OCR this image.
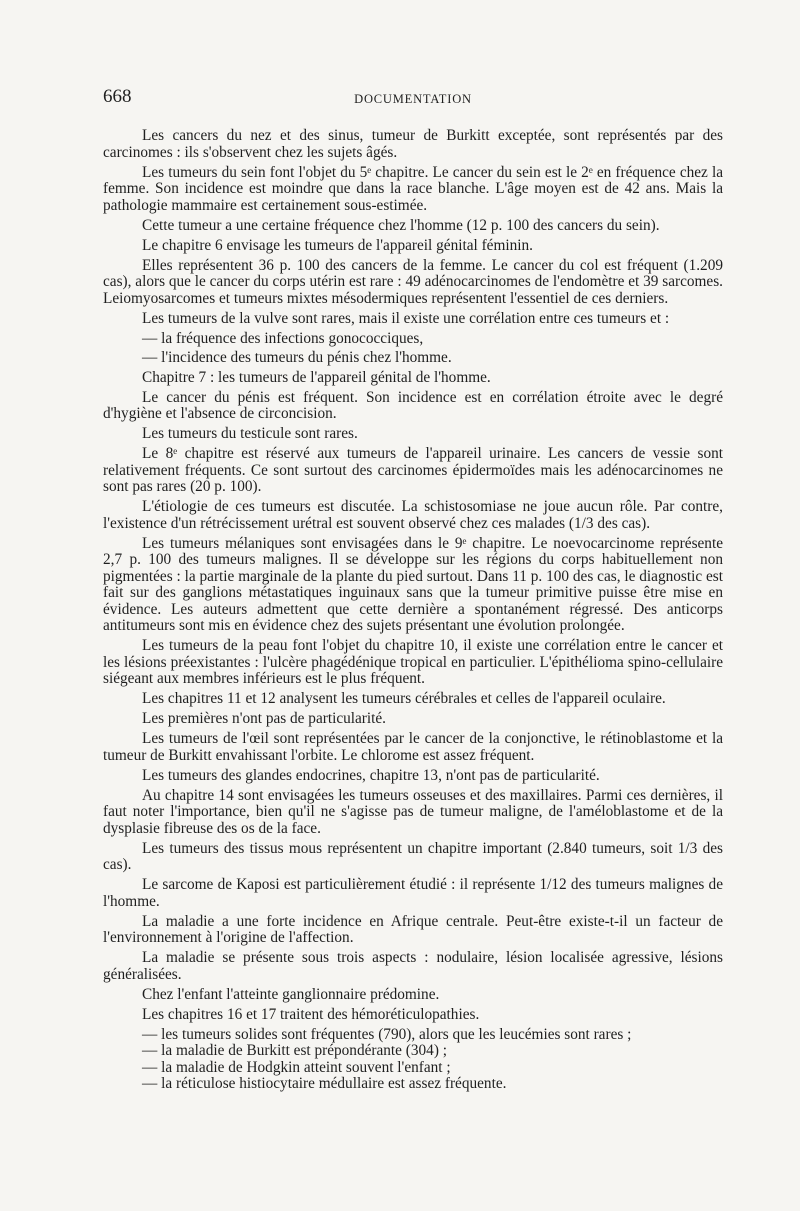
668	DOCUMENTATION

Les cancers du nez et des sinus, tumeur de Burkitt exceptée, sont représentés par des carcinomes : ils s'observent chez les sujets âgés.

Les tumeurs du sein font l'objet du 5ᵉ chapitre. Le cancer du sein est le 2ᵉ en fréquence chez la femme. Son incidence est moindre que dans la race blanche. L'âge moyen est de 42 ans. Mais la pathologie mammaire est certainement sous-estimée.

Cette tumeur a une certaine fréquence chez l'homme (12 p. 100 des cancers du sein).

Le chapitre 6 envisage les tumeurs de l'appareil génital féminin.

Elles représentent 36 p. 100 des cancers de la femme. Le cancer du col est fréquent (1.209 cas), alors que le cancer du corps utérin est rare : 49 adénocarcinomes de l'endomètre et 39 sarcomes. Leiomyosarcomes et tumeurs mixtes mésodermiques représentent l'essentiel de ces derniers.

Les tumeurs de la vulve sont rares, mais il existe une corrélation entre ces tumeurs et :

— la fréquence des infections gonococciques,

— l'incidence des tumeurs du pénis chez l'homme.

Chapitre 7 : les tumeurs de l'appareil génital de l'homme.

Le cancer du pénis est fréquent. Son incidence est en corrélation étroite avec le degré d'hygiène et l'absence de circoncision.

Les tumeurs du testicule sont rares.

Le 8ᵉ chapitre est réservé aux tumeurs de l'appareil urinaire. Les cancers de vessie sont relativement fréquents. Ce sont surtout des carcinomes épidermoïdes mais les adénocarcinomes ne sont pas rares (20 p. 100).

L'étiologie de ces tumeurs est discutée. La schistosomiase ne joue aucun rôle. Par contre, l'existence d'un rétrécissement urétral est souvent observé chez ces malades (1/3 des cas).

Les tumeurs mélaniques sont envisagées dans le 9ᵉ chapitre. Le noevocarcinome représente 2,7 p. 100 des tumeurs malignes. Il se développe sur les régions du corps habituellement non pigmentées : la partie marginale de la plante du pied surtout. Dans 11 p. 100 des cas, le diagnostic est fait sur des ganglions métastatiques inguinaux sans que la tumeur primitive puisse être mise en évidence. Les auteurs admettent que cette dernière a spontanément régressé. Des anticorps antitumeurs sont mis en évidence chez des sujets présentant une évolution prolongée.

Les tumeurs de la peau font l'objet du chapitre 10, il existe une corrélation entre le cancer et les lésions préexistantes : l'ulcère phagédénique tropical en particulier. L'épithélioma spino-cellulaire siégeant aux membres inférieurs est le plus fréquent.

Les chapitres 11 et 12 analysent les tumeurs cérébrales et celles de l'appareil oculaire.

Les premières n'ont pas de particularité.

Les tumeurs de l'œil sont représentées par le cancer de la conjonctive, le rétinoblastome et la tumeur de Burkitt envahissant l'orbite. Le chlorome est assez fréquent.

Les tumeurs des glandes endocrines, chapitre 13, n'ont pas de particularité.

Au chapitre 14 sont envisagées les tumeurs osseuses et des maxillaires. Parmi ces dernières, il faut noter l'importance, bien qu'il ne s'agisse pas de tumeur maligne, de l'améloblastome et de la dysplasie fibreuse des os de la face.

Les tumeurs des tissus mous représentent un chapitre important (2.840 tumeurs, soit 1/3 des cas).

Le sarcome de Kaposi est particulièrement étudié : il représente 1/12 des tumeurs malignes de l'homme.

La maladie a une forte incidence en Afrique centrale. Peut-être existe-t-il un facteur de l'environnement à l'origine de l'affection.

La maladie se présente sous trois aspects : nodulaire, lésion localisée agressive, lésions généralisées.

Chez l'enfant l'atteinte ganglionnaire prédomine.

Les chapitres 16 et 17 traitent des hémoréticulopathies.

— les tumeurs solides sont fréquentes (790), alors que les leucémies sont rares ;

— la maladie de Burkitt est prépondérante (304) ;

— la maladie de Hodgkin atteint souvent l'enfant ;

— la réticulose histiocytaire médullaire est assez fréquente.
